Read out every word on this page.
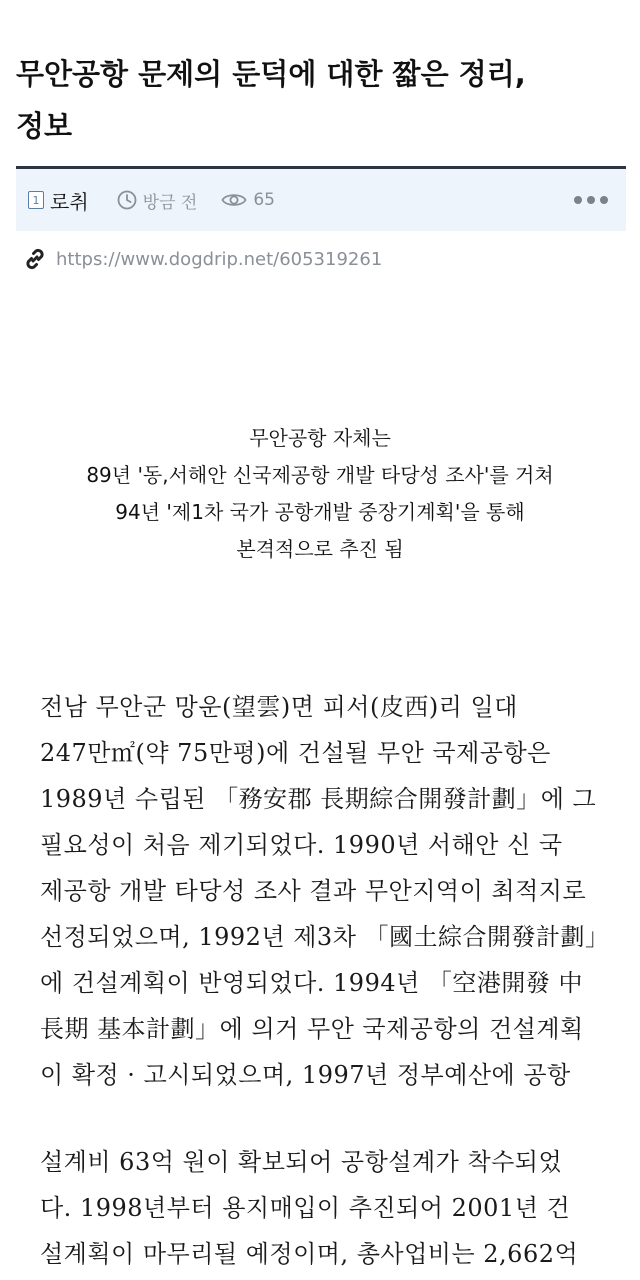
무안공항 문제의 둔덕에 대한 짧은 정리,
정보
1 로취	방금 전	65
https://www.dogdrip.net/605319261

무안공항 자체는

89년 '동,서해안 신국제공항 개발 타당성 조사'를 거쳐

94년 '제1차 국가 공항개발 중장기계획'을 통해

본격적으로 추진 됨

전남 무안군 망운(望雲)면 피서(皮西)리 일대

247만㎡(약 75만평)에 건설될 무안 국제공항은

1989년 수립된 「務安郡 長期綜合開發計劃」에 그

필요성이 처음 제기되었다. 1990년 서해안 신 국

제공항 개발 타당성 조사 결과 무안지역이 최적지로

선정되었으며, 1992년 제3차 「國土綜合開發計劃」

에 건설계획이 반영되었다. 1994년 「空港開發 中

長期 基本計劃」에 의거 무안 국제공항의 건설계획

이 확정 · 고시되었으며, 1997년 정부예산에 공항

설계비 63억 원이 확보되어 공항설계가 착수되었

다. 1998년부터 용지매입이 추진되어 2001년 건

설계획이 마무리될 예정이며, 총사업비는 2,662억
